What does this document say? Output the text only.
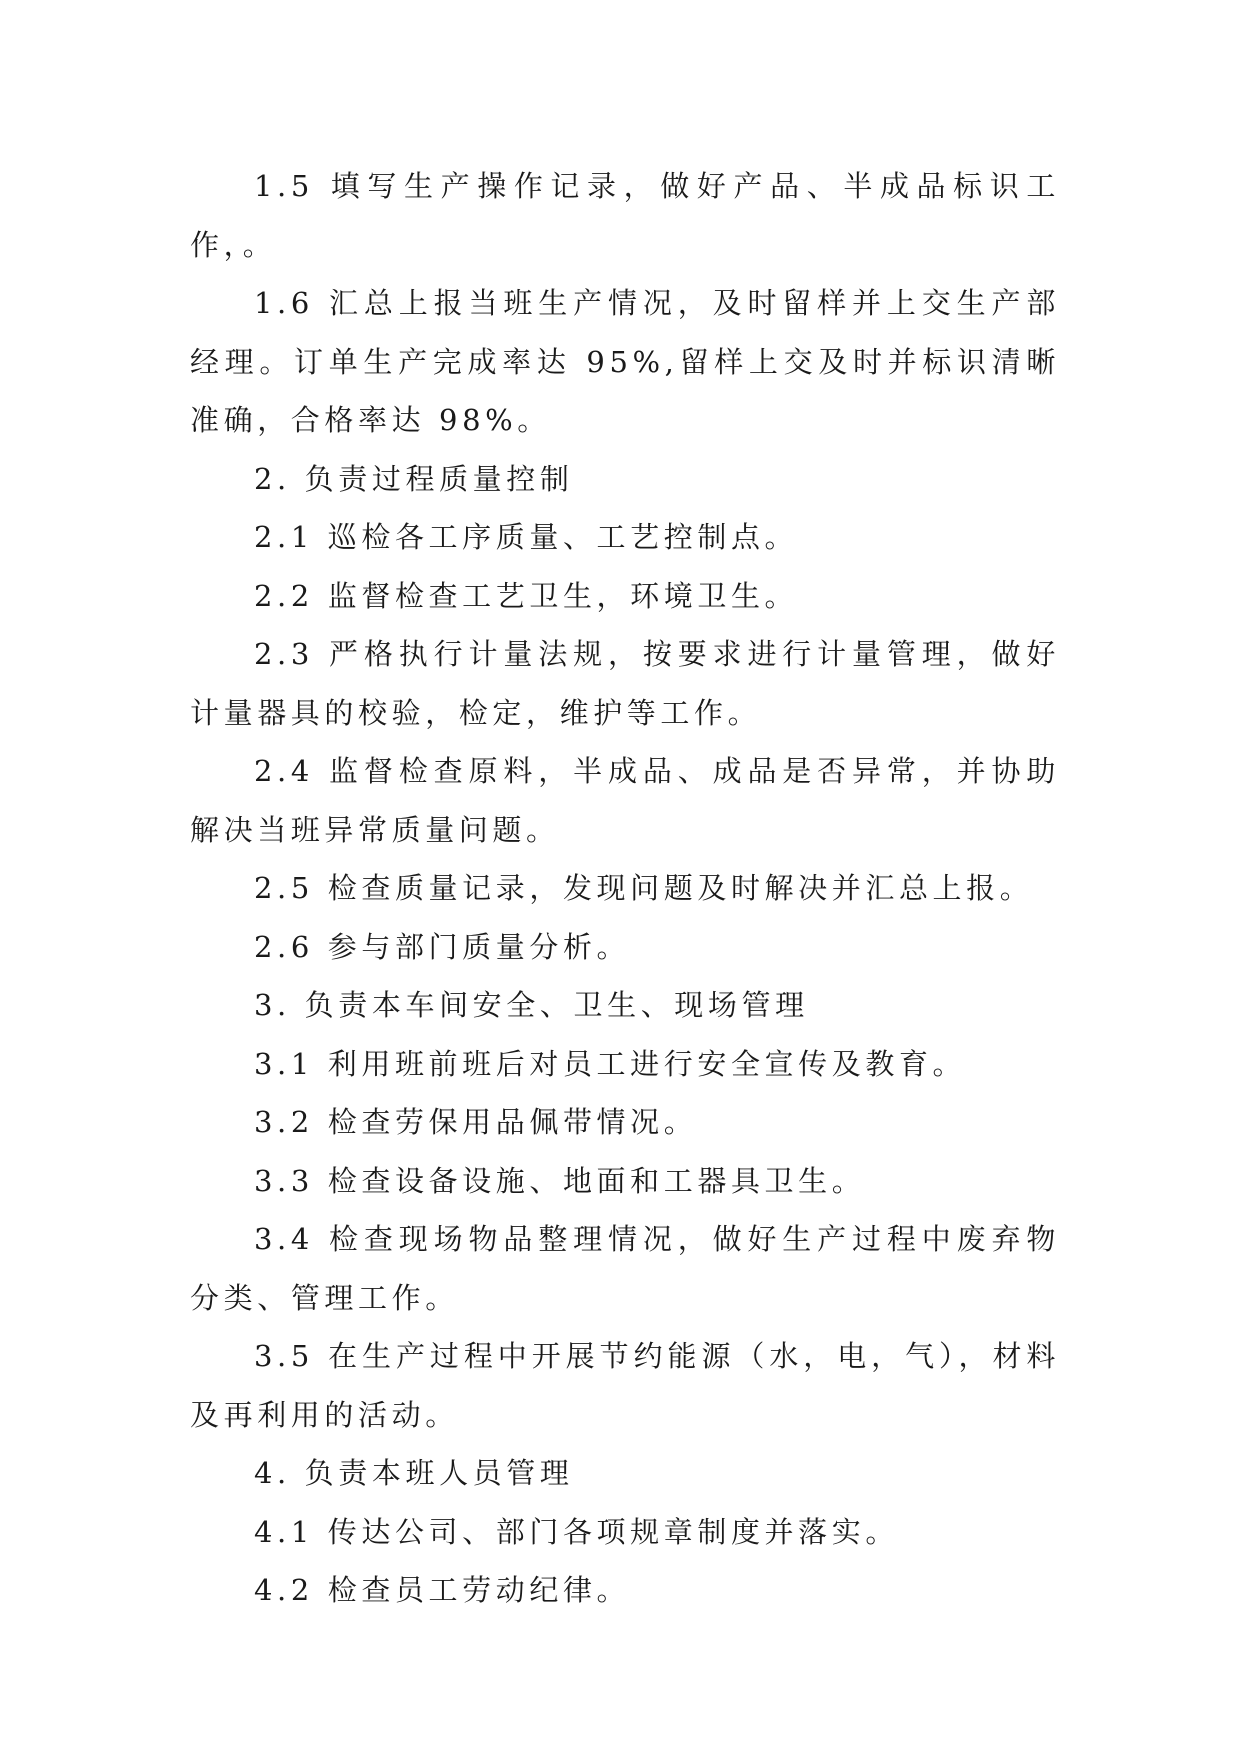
1.5 填写生产操作记录，做好产品、半成品标识工作，。

1.6 汇总上报当班生产情况，及时留样并上交生产部经理。订单生产完成率达 95%,留样上交及时并标识清晰准确，合格率达 98%。

2. 负责过程质量控制

2.1 巡检各工序质量、工艺控制点。

2.2 监督检查工艺卫生，环境卫生。

2.3 严格执行计量法规，按要求进行计量管理，做好计量器具的校验，检定，维护等工作。

2.4 监督检查原料，半成品、成品是否异常，并协助解决当班异常质量问题。

2.5 检查质量记录，发现问题及时解决并汇总上报。

2.6 参与部门质量分析。

3. 负责本车间安全、卫生、现场管理

3.1 利用班前班后对员工进行安全宣传及教育。

3.2 检查劳保用品佩带情况。

3.3 检查设备设施、地面和工器具卫生。

3.4 检查现场物品整理情况，做好生产过程中废弃物分类、管理工作。

3.5 在生产过程中开展节约能源（水，电，气），材料及再利用的活动。

4. 负责本班人员管理

4.1 传达公司、部门各项规章制度并落实。

4.2 检查员工劳动纪律。
